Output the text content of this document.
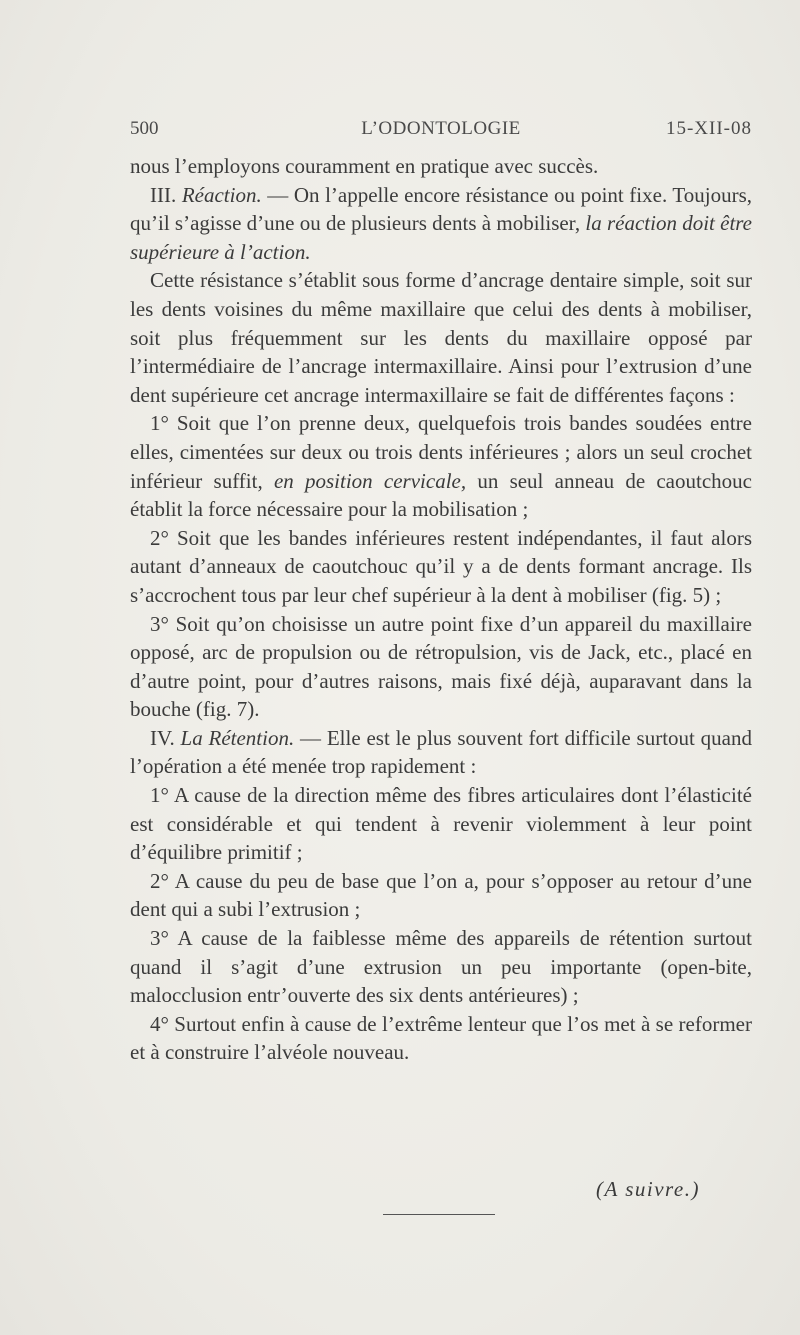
500	L’ODONTOLOGIE	15-XII-08

nous l’employons couramment en pratique avec succès.

III. Réaction. — On l’appelle encore résistance ou point fixe. Toujours, qu’il s’agisse d’une ou de plusieurs dents à mobiliser, la réaction doit être supérieure à l’action.

Cette résistance s’établit sous forme d’ancrage dentaire simple, soit sur les dents voisines du même maxillaire que celui des dents à mobiliser, soit plus fréquemment sur les dents du maxillaire opposé par l’intermédiaire de l’ancrage intermaxillaire. Ainsi pour l’extrusion d’une dent supérieure cet ancrage intermaxillaire se fait de différentes façons :

1° Soit que l’on prenne deux, quelquefois trois bandes soudées entre elles, cimentées sur deux ou trois dents inférieures ; alors un seul crochet inférieur suffit, en position cervicale, un seul anneau de caoutchouc établit la force nécessaire pour la mobilisation ;

2° Soit que les bandes inférieures restent indépendantes, il faut alors autant d’anneaux de caoutchouc qu’il y a de dents formant ancrage. Ils s’accrochent tous par leur chef supérieur à la dent à mobiliser (fig. 5) ;

3° Soit qu’on choisisse un autre point fixe d’un appareil du maxillaire opposé, arc de propulsion ou de rétropulsion, vis de Jack, etc., placé en d’autre point, pour d’autres raisons, mais fixé déjà, auparavant dans la bouche (fig. 7).

IV. La Rétention. — Elle est le plus souvent fort difficile surtout quand l’opération a été menée trop rapidement :

1° A cause de la direction même des fibres articulaires dont l’élasticité est considérable et qui tendent à revenir violemment à leur point d’équilibre primitif ;

2° A cause du peu de base que l’on a, pour s’opposer au retour d’une dent qui a subi l’extrusion ;

3° A cause de la faiblesse même des appareils de rétention surtout quand il s’agit d’une extrusion un peu importante (open-bite, malocclusion entr’ouverte des six dents antérieures) ;

4° Surtout enfin à cause de l’extrême lenteur que l’os met à se reformer et à construire l’alvéole nouveau.

(A suivre.)
